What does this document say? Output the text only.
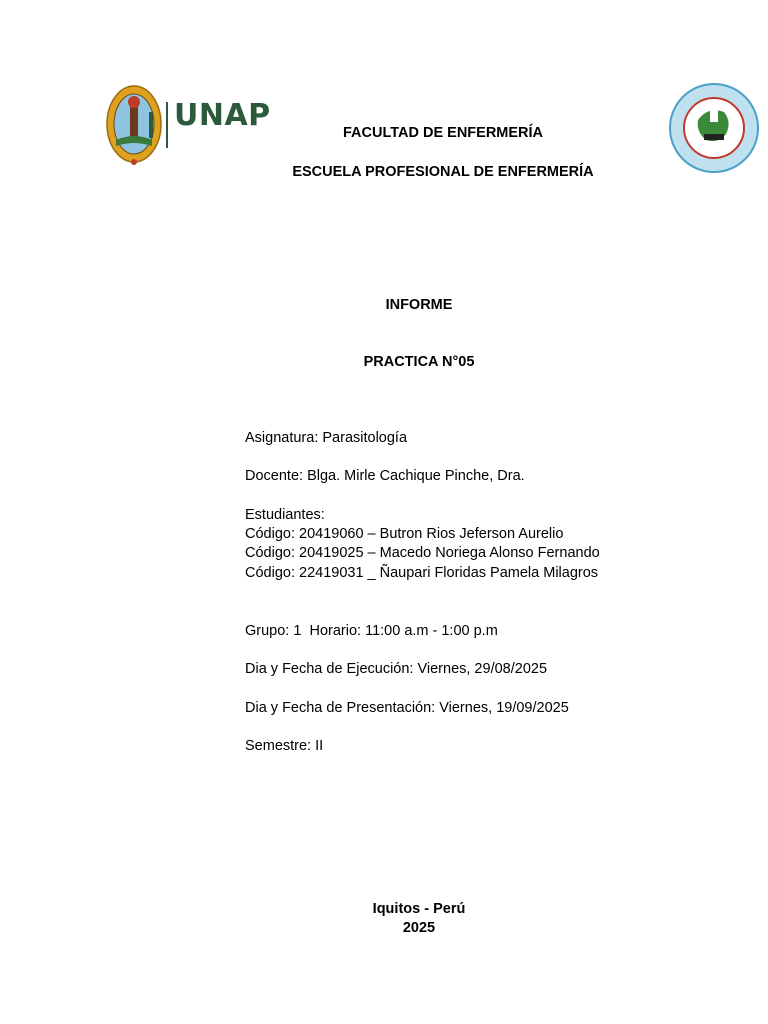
UNAP	FACULTAD DE ENFERMERÍA
ESCUELA PROFESIONAL DE ENFERMERÍA
INFORME
PRACTICA N°05
Asignatura: Parasitología
Docente: Blga. Mirle Cachique Pinche, Dra.
Estudiantes:
Código: 20419060 – Butron Rios Jeferson Aurelio
Código: 20419025 – Macedo Noriega Alonso Fernando
Código: 22419031 _ Ñaupari Floridas Pamela Milagros
Grupo: 1  Horario: 11:00 a.m - 1:00 p.m
Dia y Fecha de Ejecución: Viernes, 29/08/2025
Dia y Fecha de Presentación: Viernes, 19/09/2025
Semestre: II
Iquitos - Perú
2025
